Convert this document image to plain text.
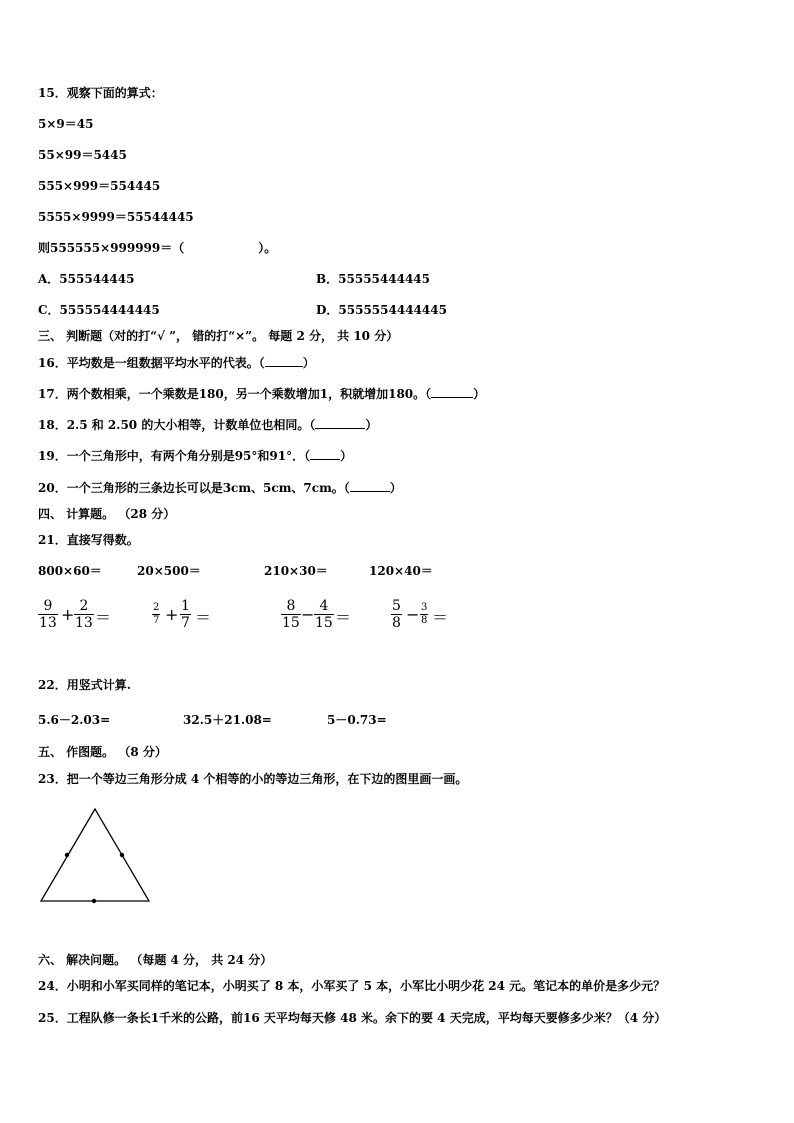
15．观察下面的算式：
5×9＝45
55×99＝5445
555×999＝554445
5555×9999＝55544445
则555555×999999＝（	）。
A．555544445	B．55555444445
C．555554444445	D．5555554444445
三、 判断题（对的打“√ ”， 错的打“×”。 每题 2 分， 共 10 分）
16．平均数是一组数据平均水平的代表。（	）
17．两个数相乘，一个乘数是180，另一个乘数增加1，积就增加180。（	）
18．2.5 和 2.50 的大小相等，计数单位也相同。（	）
19．一个三角形中，有两个角分别是95°和91°．（	）
20．一个三角形的三条边长可以是3cm、5cm、7cm。（	）
四、 计算题。 （28 分）
21．直接写得数。
800×60＝	20×500＝	210×30＝	120×40＝
9
13 + 2
13 ＝
2
7 + 1
7 ＝
8
15 − 4
15 ＝
5
8 − 3
8 ＝
22．用竖式计算.
5.6－2.03=	32.5＋21.08=	5－0.73=
五、 作图题。 （8 分）
23．把一个等边三角形分成 4 个相等的小的等边三角形，在下边的图里画一画。
六、 解决问题。 （每题 4 分， 共 24 分）
24．小明和小军买同样的笔记本，小明买了 8 本，小军买了 5 本，小军比小明少花 24 元。笔记本的单价是多少元？
25．工程队修一条长1千米的公路，前16 天平均每天修 48 米。余下的要 4 天完成，平均每天要修多少米？（4 分）
